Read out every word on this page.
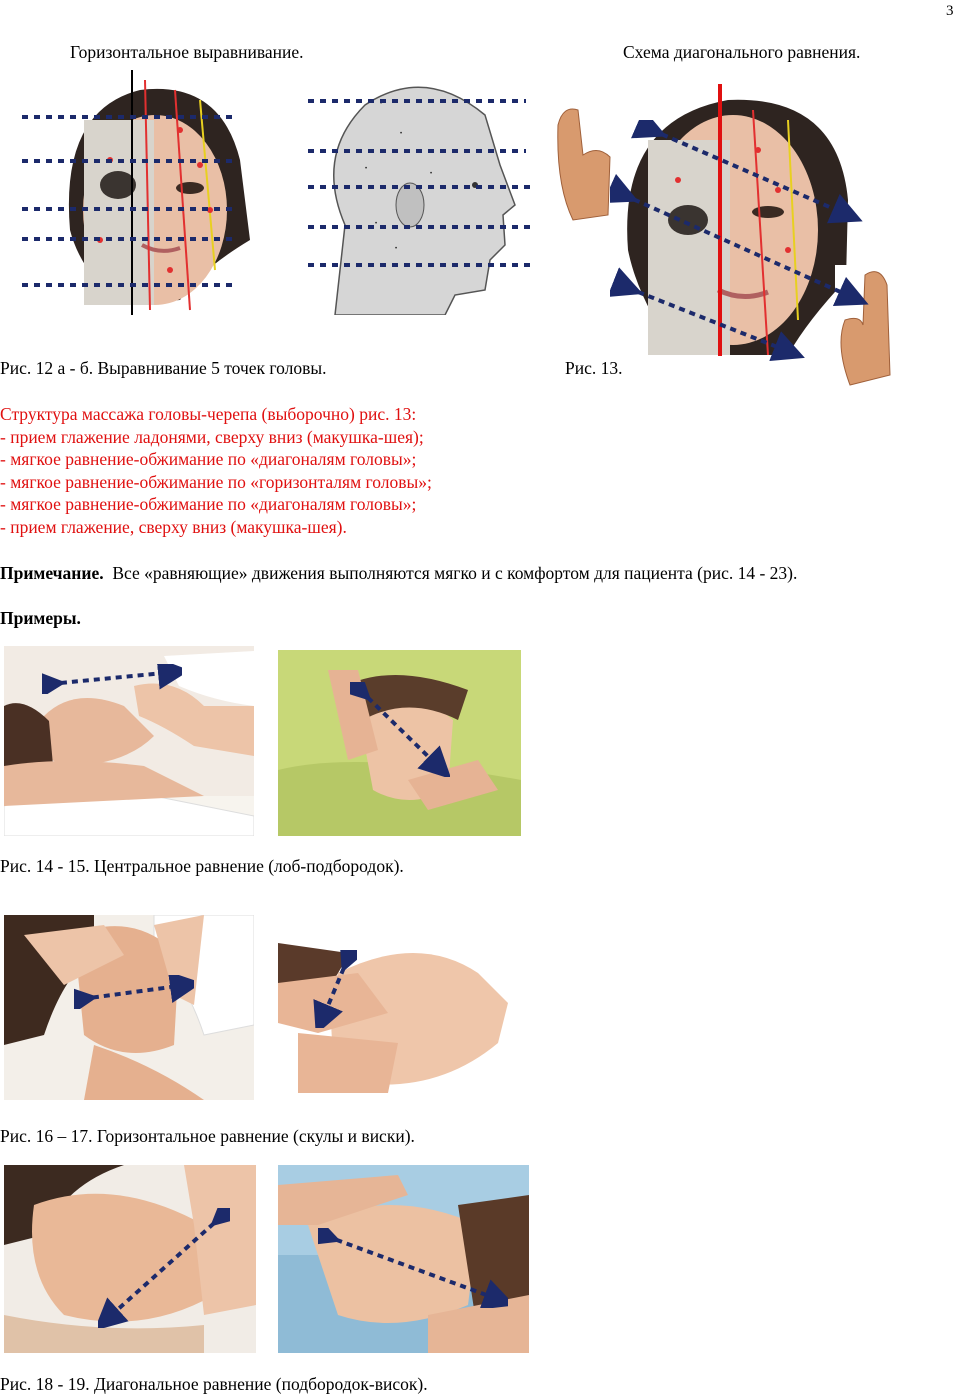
3
Горизонтальное выравнивание.	Схема диагонального равнения.
•
•
•
•
•
•
Рис. 12 а - б. Выравнивание 5 точек головы.	Рис. 13.
Структура массажа головы-черепа (выборочно) рис. 13:
- прием глажение ладонями, сверху вниз (макушка-шея);
- мягкое равнение-обжимание по «диагоналям головы»;
- мягкое равнение-обжимание по «горизонталям головы»;
- мягкое равнение-обжимание по «диагоналям головы»;
- прием глажение, сверху вниз (макушка-шея).
Примечание. Все «равняющие» движения выполняются мягко и с комфортом для пациента (рис. 14 - 23).
Примеры.
Рис. 14 - 15. Центральное равнение (лоб-подбородок).
Рис. 16 – 17. Горизонтальное равнение (скулы и виски).
Рис. 18 - 19. Диагональное равнение (подбородок-висок).
